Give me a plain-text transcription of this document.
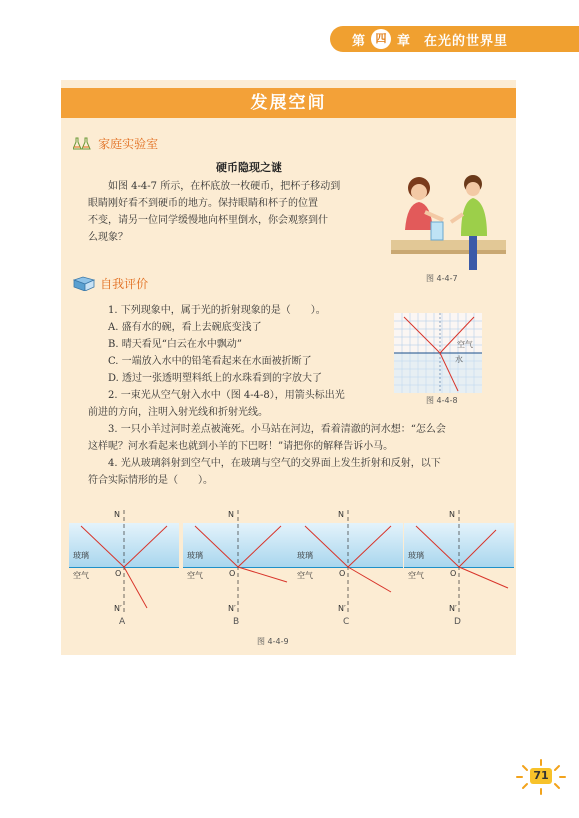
第 四 章 在光的世界里
发展空间
家庭实验室
硬币隐现之谜
如图 4-4-7 所示，在杯底放一枚硬币，把杯子移动到
眼睛刚好看不到硬币的地方。保持眼睛和杯子的位置
不变，请另一位同学缓慢地向杯里倒水，你会观察到什
么现象？
图 4-4-7
自我评价
1. 下列现象中，属于光的折射现象的是（　　）。
A. 盛有水的碗，看上去碗底变浅了
B. 晴天看见“白云在水中飘动”
C. 一端放入水中的铅笔看起来在水面被折断了
D. 透过一张透明塑料纸上的水珠看到的字放大了
2. 一束光从空气射入水中（图 4-4-8），用箭头标出光
前进的方向，注明入射光线和折射光线。
空气
水
图 4-4-8
3. 一只小羊过河时差点被淹死。小马站在河边，看着清澈的河水想：“怎么会
这样呢？河水看起来也就到小羊的下巴呀！”请把你的解释告诉小马。
4. 光从玻璃斜射到空气中，在玻璃与空气的交界面上发生折射和反射，以下
符合实际情形的是（　　）。
N
玻璃
空气	O
N′
N
玻璃
空气	O
N′
N
玻璃
空气	O
N′
N
玻璃
空气	O
N′
A	B	C	D
图 4-4-9
71
